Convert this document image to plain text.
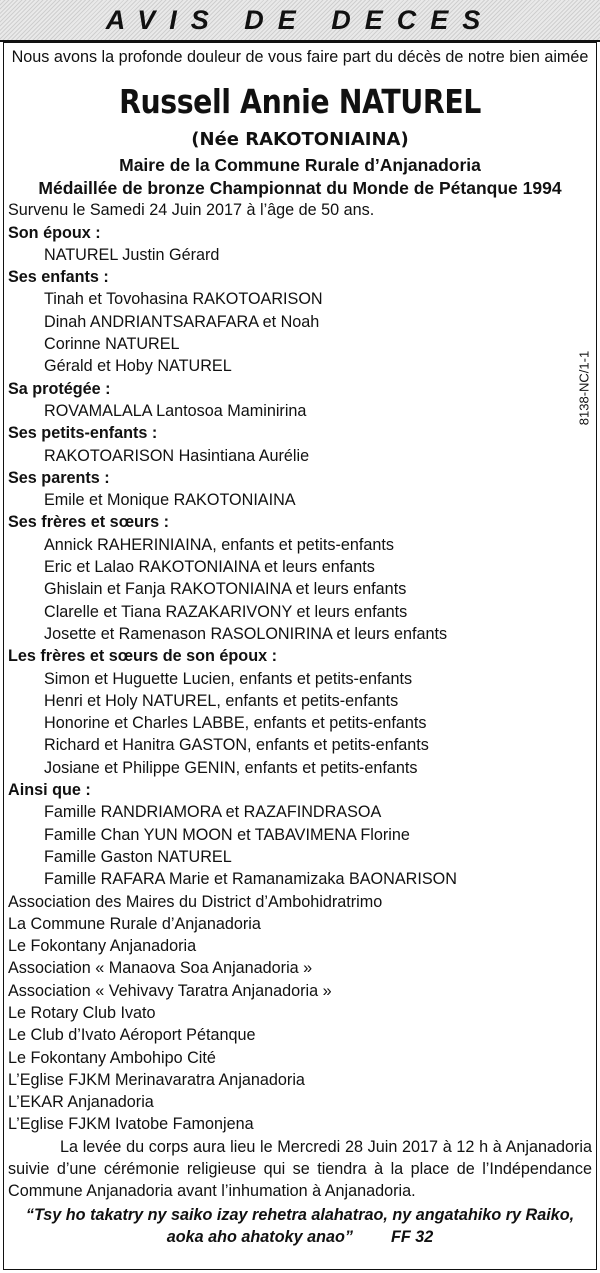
AVIS DE DECES
Nous avons la profonde douleur de vous faire part du décès de notre bien aimée
Russell Annie NATUREL
(Née RAKOTONIAINA)
Maire de la Commune Rurale d’Anjanadoria
Médaillée de bronze Championnat du Monde de Pétanque 1994
Survenu le Samedi 24 Juin 2017 à l’âge de 50 ans.
Son époux :
NATUREL Justin Gérard
Ses enfants :
Tinah et Tovohasina RAKOTOARISON
Dinah ANDRIANTSARAFARA et Noah
Corinne NATUREL
Gérald et Hoby NATUREL
Sa protégée :
ROVAMALALA Lantosoa Maminirina
Ses petits-enfants :
RAKOTOARISON Hasintiana Aurélie
Ses parents :
Emile et Monique RAKOTONIAINA
Ses frères et sœurs :
Annick RAHERINIAINA, enfants et petits-enfants
Eric et Lalao RAKOTONIAINA et leurs enfants
Ghislain et Fanja RAKOTONIAINA et leurs enfants
Clarelle et Tiana RAZAKARIVONY et leurs enfants
Josette et Ramenason RASOLONIRINA et leurs enfants
Les frères et sœurs de son époux :
Simon et Huguette Lucien, enfants et petits-enfants
Henri et Holy NATUREL, enfants et petits-enfants
Honorine et Charles LABBE, enfants et petits-enfants
Richard et Hanitra GASTON, enfants et petits-enfants
Josiane et Philippe GENIN, enfants et petits-enfants
Ainsi que :
Famille RANDRIAMORA et RAZAFINDRASOA
Famille Chan YUN MOON et TABAVIMENA Florine
Famille Gaston NATUREL
Famille RAFARA Marie et Ramanamizaka BAONARISON
Association des Maires du District d’Ambohidratrimo
La Commune Rurale d’Anjanadoria
Le Fokontany Anjanadoria
Association « Manaova Soa Anjanadoria »
Association « Vehivavy Taratra Anjanadoria »
Le Rotary Club Ivato
Le Club d’Ivato Aéroport Pétanque
Le Fokontany Ambohipo Cité
L’Eglise FJKM Merinavaratra Anjanadoria
L’EKAR Anjanadoria
L’Eglise FJKM Ivatobe Famonjena
La levée du corps aura lieu le Mercredi 28 Juin 2017 à 12 h à Anjanadoria suivie d’une cérémonie religieuse qui se tiendra à la place de l’Indépendance Commune Anjanadoria avant l’inhumation à Anjanadoria.
“Tsy ho takatry ny saiko izay rehetra alahatrao, ny angatahiko ry Raiko,
aoka aho ahatoky anao” FF 32
8138-NC/1-1
